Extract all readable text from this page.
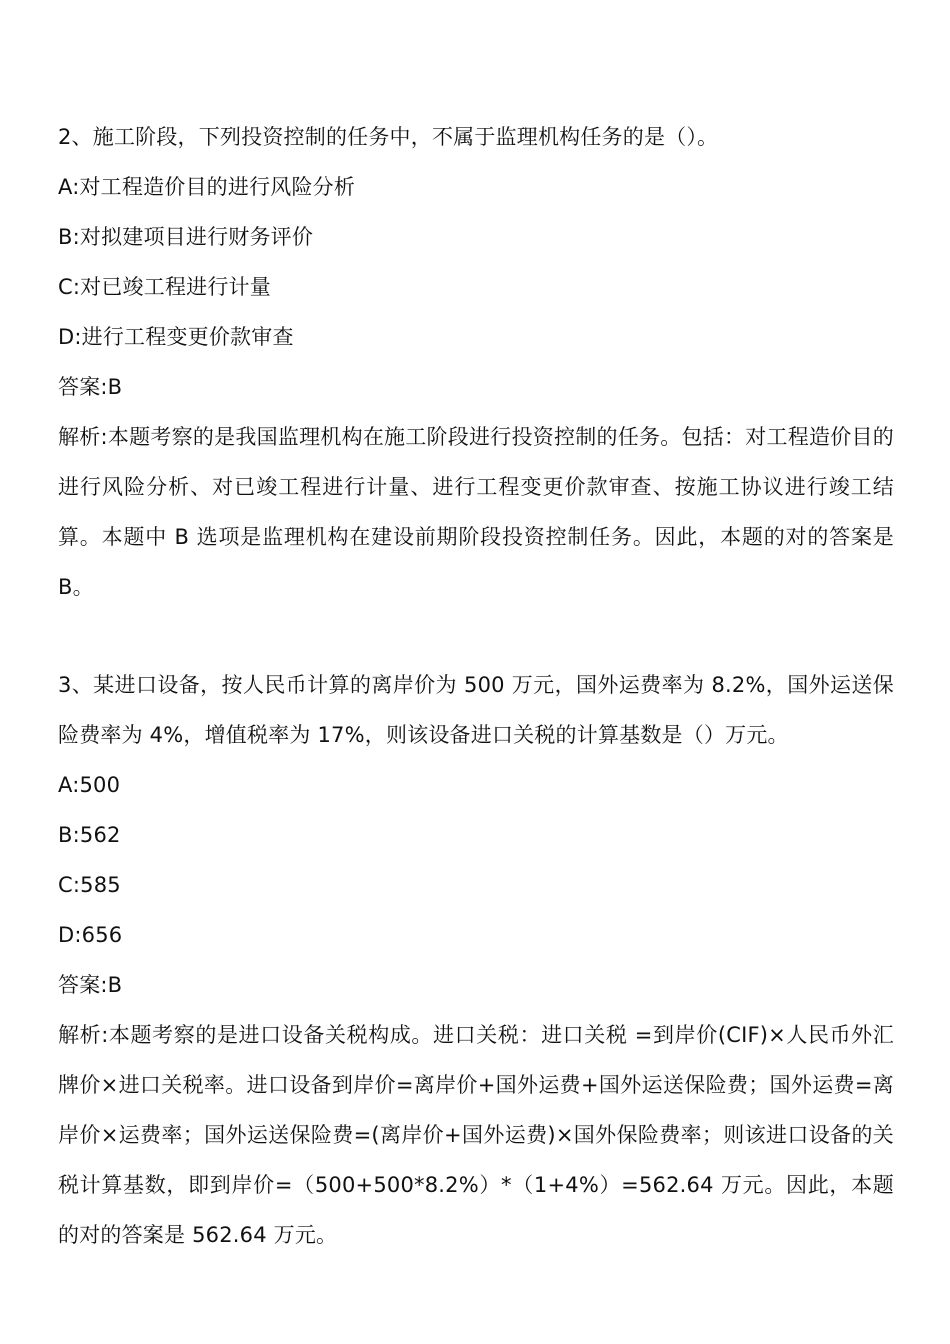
2、施工阶段，下列投资控制的任务中，不属于监理机构任务的是（）。
A:对工程造价目的进行风险分析
B:对拟建项目进行财务评价
C:对已竣工程进行计量
D:进行工程变更价款审查
答案:B
解析:本题考察的是我国监理机构在施工阶段进行投资控制的任务。包括：对工程造价目的进行风险分析、对已竣工程进行计量、进行工程变更价款审查、按施工协议进行竣工结算。本题中 B 选项是监理机构在建设前期阶段投资控制任务。因此，本题的对的答案是 B。
3、某进口设备，按人民币计算的离岸价为 500 万元，国外运费率为 8.2%，国外运送保险费率为 4%，增值税率为 17%，则该设备进口关税的计算基数是（）万元。
A:500
B:562
C:585
D:656
答案:B
解析:本题考察的是进口设备关税构成。进口关税：进口关税 =到岸价(CIF)×人民币外汇牌价×进口关税率。进口设备到岸价=离岸价+国外运费+国外运送保险费；国外运费=离岸价×运费率；国外运送保险费=(离岸价+国外运费)×国外保险费率；则该进口设备的关税计算基数，即到岸价=（500+500*8.2%）*（1+4%）=562.64 万元。因此，本题的对的答案是 562.64 万元。
